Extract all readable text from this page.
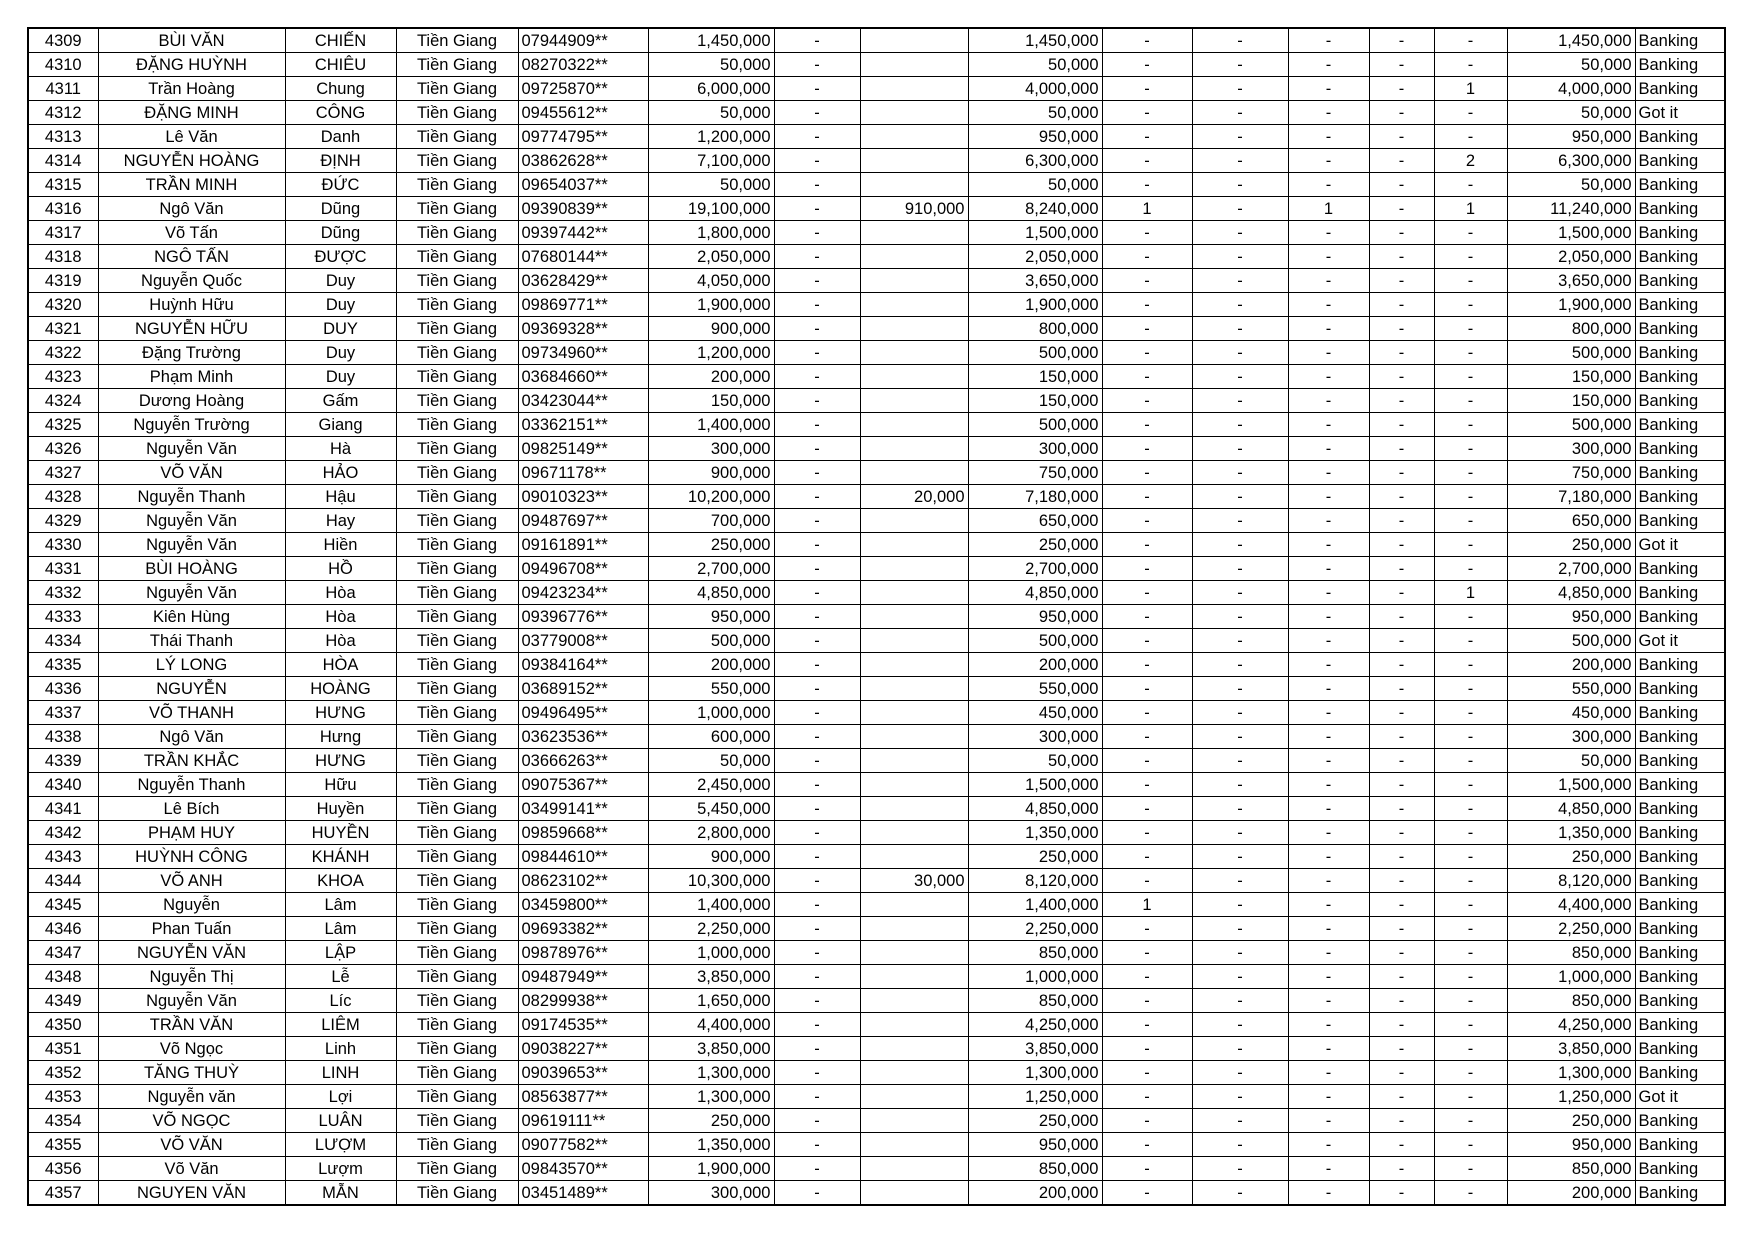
4309	BÙI VĂN	CHIẾN	Tiền Giang	07944909**	1,450,000	-		1,450,000	-	-	-	-	-	1,450,000	Banking
4310	ĐẶNG HUỲNH	CHIÊU	Tiền Giang	08270322**	50,000	-		50,000	-	-	-	-	-	50,000	Banking
4311	Trần Hoàng	Chung	Tiền Giang	09725870**	6,000,000	-		4,000,000	-	-	-	-	1	4,000,000	Banking
4312	ĐẶNG MINH	CÔNG	Tiền Giang	09455612**	50,000	-		50,000	-	-	-	-	-	50,000	Got it
4313	Lê Văn	Danh	Tiền Giang	09774795**	1,200,000	-		950,000	-	-	-	-	-	950,000	Banking
4314	NGUYỄN HOÀNG	ĐỊNH	Tiền Giang	03862628**	7,100,000	-		6,300,000	-	-	-	-	2	6,300,000	Banking
4315	TRẦN MINH	ĐỨC	Tiền Giang	09654037**	50,000	-		50,000	-	-	-	-	-	50,000	Banking
4316	Ngô Văn	Dũng	Tiền Giang	09390839**	19,100,000	-	910,000	8,240,000	1	-	1	-	1	11,240,000	Banking
4317	Võ Tấn	Dũng	Tiền Giang	09397442**	1,800,000	-		1,500,000	-	-	-	-	-	1,500,000	Banking
4318	NGÔ TẤN	ĐƯỢC	Tiền Giang	07680144**	2,050,000	-		2,050,000	-	-	-	-	-	2,050,000	Banking
4319	Nguyễn Quốc	Duy	Tiền Giang	03628429**	4,050,000	-		3,650,000	-	-	-	-	-	3,650,000	Banking
4320	Huỳnh Hữu	Duy	Tiền Giang	09869771**	1,900,000	-		1,900,000	-	-	-	-	-	1,900,000	Banking
4321	NGUYỄN HỮU	DUY	Tiền Giang	09369328**	900,000	-		800,000	-	-	-	-	-	800,000	Banking
4322	Đặng Trường	Duy	Tiền Giang	09734960**	1,200,000	-		500,000	-	-	-	-	-	500,000	Banking
4323	Phạm Minh	Duy	Tiền Giang	03684660**	200,000	-		150,000	-	-	-	-	-	150,000	Banking
4324	Dương Hoàng	Gấm	Tiền Giang	03423044**	150,000	-		150,000	-	-	-	-	-	150,000	Banking
4325	Nguyễn Trường	Giang	Tiền Giang	03362151**	1,400,000	-		500,000	-	-	-	-	-	500,000	Banking
4326	Nguyễn Văn	Hà	Tiền Giang	09825149**	300,000	-		300,000	-	-	-	-	-	300,000	Banking
4327	VÕ VĂN	HẢO	Tiền Giang	09671178**	900,000	-		750,000	-	-	-	-	-	750,000	Banking
4328	Nguyễn Thanh	Hậu	Tiền Giang	09010323**	10,200,000	-	20,000	7,180,000	-	-	-	-	-	7,180,000	Banking
4329	Nguyễn Văn	Hay	Tiền Giang	09487697**	700,000	-		650,000	-	-	-	-	-	650,000	Banking
4330	Nguyễn Văn	Hiền	Tiền Giang	09161891**	250,000	-		250,000	-	-	-	-	-	250,000	Got it
4331	BÙI HOÀNG	HỒ	Tiền Giang	09496708**	2,700,000	-		2,700,000	-	-	-	-	-	2,700,000	Banking
4332	Nguyễn Văn	Hòa	Tiền Giang	09423234**	4,850,000	-		4,850,000	-	-	-	-	1	4,850,000	Banking
4333	Kiên Hùng	Hòa	Tiền Giang	09396776**	950,000	-		950,000	-	-	-	-	-	950,000	Banking
4334	Thái Thanh	Hòa	Tiền Giang	03779008**	500,000	-		500,000	-	-	-	-	-	500,000	Got it
4335	LÝ LONG	HÒA	Tiền Giang	09384164**	200,000	-		200,000	-	-	-	-	-	200,000	Banking
4336	NGUYỄN	HOÀNG	Tiền Giang	03689152**	550,000	-		550,000	-	-	-	-	-	550,000	Banking
4337	VÕ THANH	HƯNG	Tiền Giang	09496495**	1,000,000	-		450,000	-	-	-	-	-	450,000	Banking
4338	Ngô Văn	Hưng	Tiền Giang	03623536**	600,000	-		300,000	-	-	-	-	-	300,000	Banking
4339	TRẦN KHẮC	HƯNG	Tiền Giang	03666263**	50,000	-		50,000	-	-	-	-	-	50,000	Banking
4340	Nguyễn Thanh	Hữu	Tiền Giang	09075367**	2,450,000	-		1,500,000	-	-	-	-	-	1,500,000	Banking
4341	Lê Bích	Huyền	Tiền Giang	03499141**	5,450,000	-		4,850,000	-	-	-	-	-	4,850,000	Banking
4342	PHẠM HUY	HUYỀN	Tiền Giang	09859668**	2,800,000	-		1,350,000	-	-	-	-	-	1,350,000	Banking
4343	HUỲNH CÔNG	KHÁNH	Tiền Giang	09844610**	900,000	-		250,000	-	-	-	-	-	250,000	Banking
4344	VÕ ANH	KHOA	Tiền Giang	08623102**	10,300,000	-	30,000	8,120,000	-	-	-	-	-	8,120,000	Banking
4345	Nguyễn	Lâm	Tiền Giang	03459800**	1,400,000	-		1,400,000	1	-	-	-	-	4,400,000	Banking
4346	Phan Tuấn	Lâm	Tiền Giang	09693382**	2,250,000	-		2,250,000	-	-	-	-	-	2,250,000	Banking
4347	NGUYỄN VĂN	LẬP	Tiền Giang	09878976**	1,000,000	-		850,000	-	-	-	-	-	850,000	Banking
4348	Nguyễn Thị	Lễ	Tiền Giang	09487949**	3,850,000	-		1,000,000	-	-	-	-	-	1,000,000	Banking
4349	Nguyễn Văn	Líc	Tiền Giang	08299938**	1,650,000	-		850,000	-	-	-	-	-	850,000	Banking
4350	TRẦN VĂN	LIÊM	Tiền Giang	09174535**	4,400,000	-		4,250,000	-	-	-	-	-	4,250,000	Banking
4351	Võ Ngọc	Linh	Tiền Giang	09038227**	3,850,000	-		3,850,000	-	-	-	-	-	3,850,000	Banking
4352	TĂNG THUỲ	LINH	Tiền Giang	09039653**	1,300,000	-		1,300,000	-	-	-	-	-	1,300,000	Banking
4353	Nguyễn văn	Lợi	Tiền Giang	08563877**	1,300,000	-		1,250,000	-	-	-	-	-	1,250,000	Got it
4354	VÕ NGỌC	LUÂN	Tiền Giang	09619111**	250,000	-		250,000	-	-	-	-	-	250,000	Banking
4355	VÕ VĂN	LƯỢM	Tiền Giang	09077582**	1,350,000	-		950,000	-	-	-	-	-	950,000	Banking
4356	Võ Văn	Lượm	Tiền Giang	09843570**	1,900,000	-		850,000	-	-	-	-	-	850,000	Banking
4357	NGUYEN VĂN	MẪN	Tiền Giang	03451489**	300,000	-		200,000	-	-	-	-	-	200,000	Banking
